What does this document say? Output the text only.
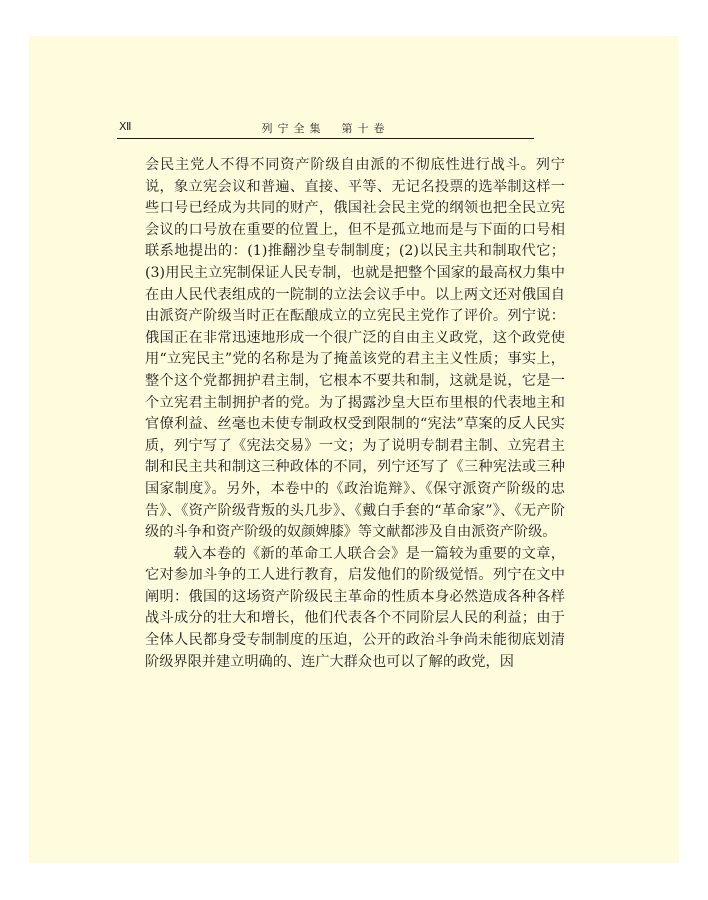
Ⅻ	列宁全集　第十卷

会民主党人不得不同资产阶级自由派的不彻底性进行战斗。列宁说，象立宪会议和普遍、直接、平等、无记名投票的选举制这样一些口号已经成为共同的财产，俄国社会民主党的纲领也把全民立宪会议的口号放在重要的位置上，但不是孤立地而是与下面的口号相联系地提出的：(1)推翻沙皇专制制度；(2)以民主共和制取代它；(3)用民主立宪制保证人民专制，也就是把整个国家的最高权力集中在由人民代表组成的一院制的立法会议手中。以上两文还对俄国自由派资产阶级当时正在酝酿成立的立宪民主党作了评价。列宁说：俄国正在非常迅速地形成一个很广泛的自由主义政党，这个政党使用“立宪民主”党的名称是为了掩盖该党的君主主义性质；事实上，整个这个党都拥护君主制，它根本不要共和制，这就是说，它是一个立宪君主制拥护者的党。为了揭露沙皇大臣布里根的代表地主和官僚利益、丝毫也未使专制政权受到限制的“宪法”草案的反人民实质，列宁写了《宪法交易》一文；为了说明专制君主制、立宪君主制和民主共和制这三种政体的不同，列宁还写了《三种宪法或三种国家制度》。另外，本卷中的《政治诡辩》、《保守派资产阶级的忠告》、《资产阶级背叛的头几步》、《戴白手套的“革命家”》、《无产阶级的斗争和资产阶级的奴颜婢膝》等文献都涉及自由派资产阶级。

载入本卷的《新的革命工人联合会》是一篇较为重要的文章，它对参加斗争的工人进行教育，启发他们的阶级觉悟。列宁在文中阐明：俄国的这场资产阶级民主革命的性质本身必然造成各种各样战斗成分的壮大和增长，他们代表各个不同阶层人民的利益；由于全体人民都身受专制制度的压迫，公开的政治斗争尚未能彻底划清阶级界限并建立明确的、连广大群众也可以了解的政党，因
